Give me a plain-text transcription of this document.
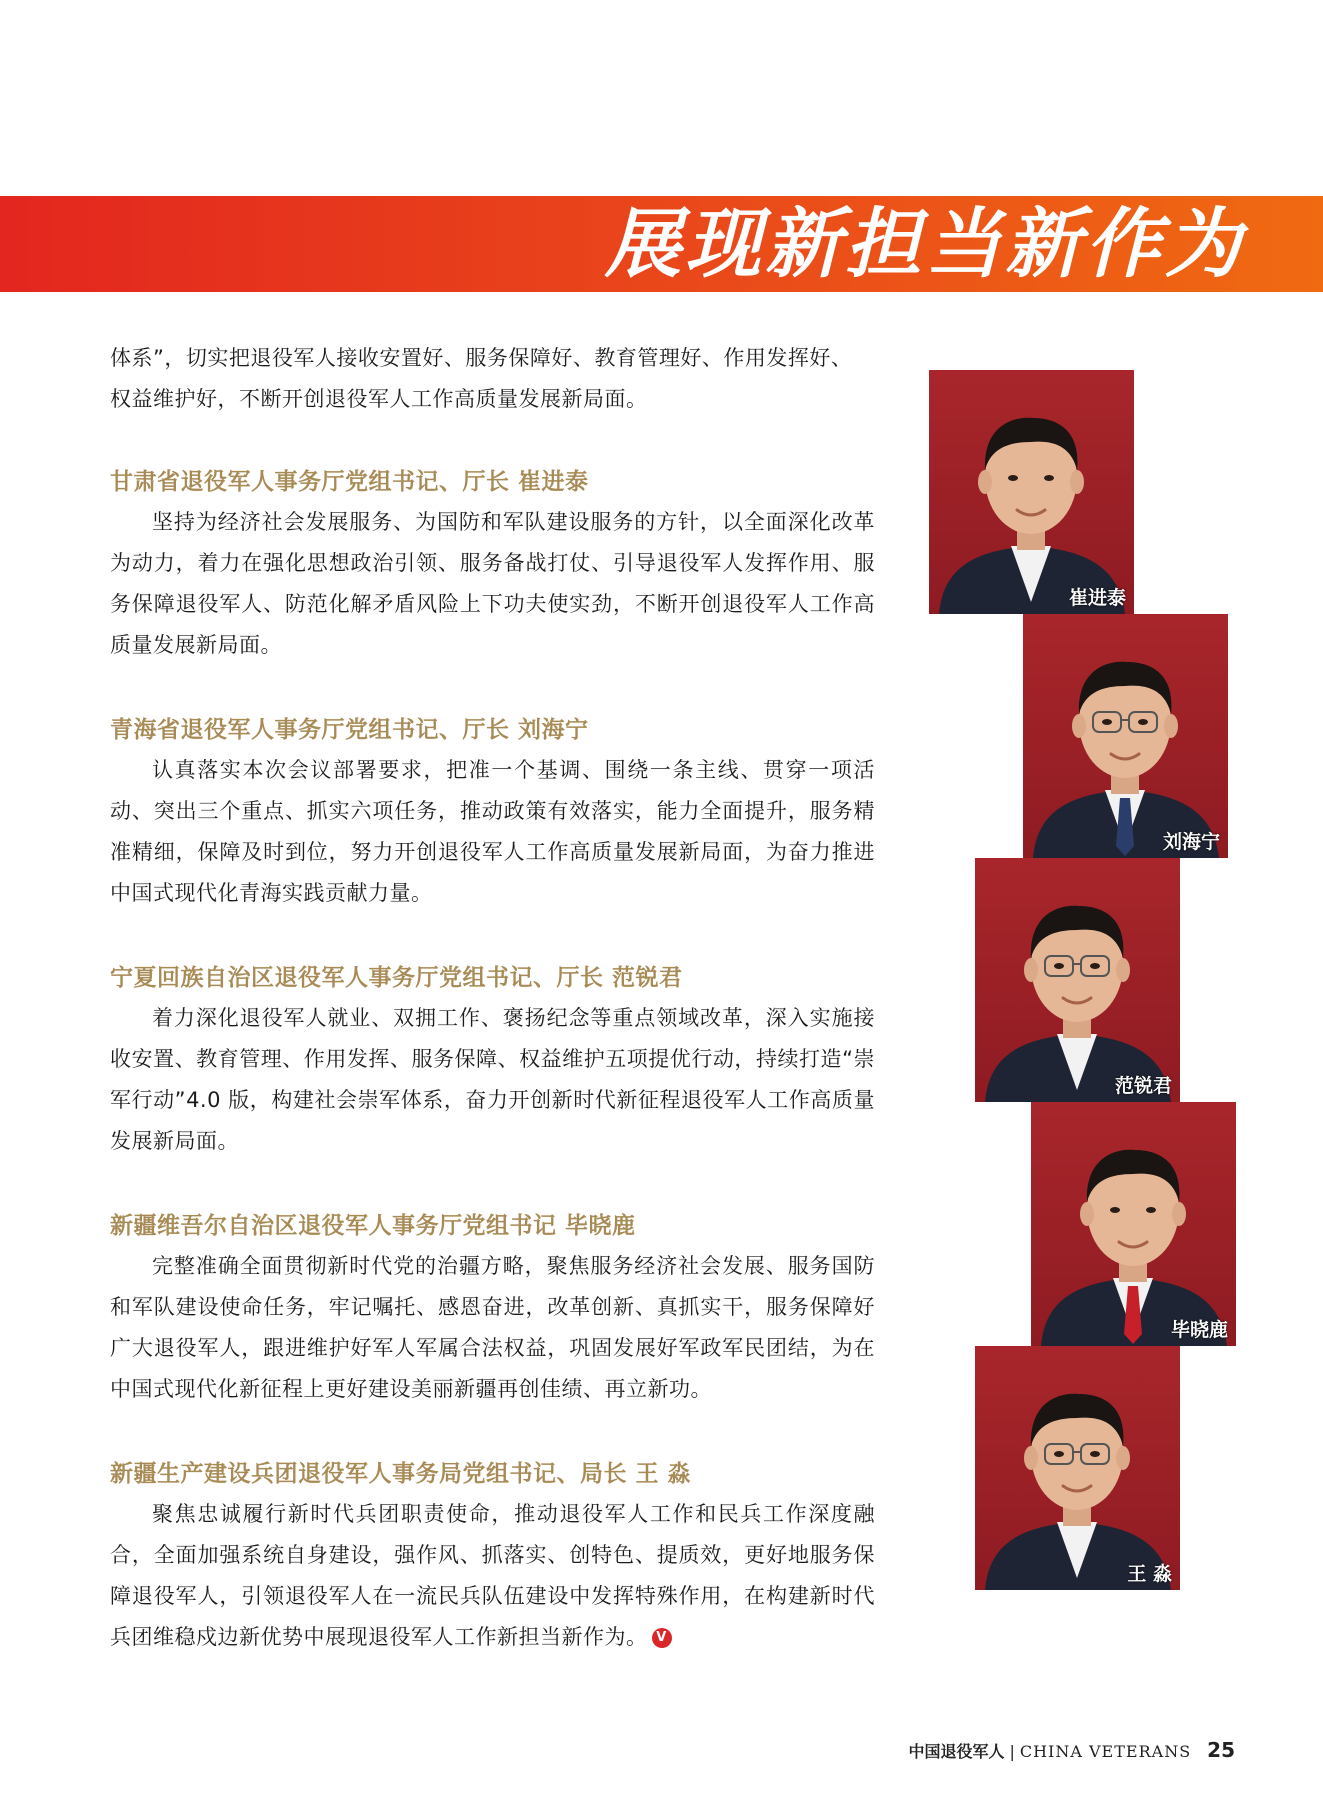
展现新担当新作为

体系”，切实把退役军人接收安置好、服务保障好、教育管理好、作用发挥好、

权益维护好，不断开创退役军人工作高质量发展新局面。

甘肃省退役军人事务厅党组书记、厅长 崔进泰

坚持为经济社会发展服务、为国防和军队建设服务的方针，以全面深化改革为动力，着力在强化思想政治引领、服务备战打仗、引导退役军人发挥作用、服务保障退役军人、防范化解矛盾风险上下功夫使实劲，不断开创退役军人工作高质量发展新局面。

青海省退役军人事务厅党组书记、厅长 刘海宁

认真落实本次会议部署要求，把准一个基调、围绕一条主线、贯穿一项活动、突出三个重点、抓实六项任务，推动政策有效落实，能力全面提升，服务精准精细，保障及时到位，努力开创退役军人工作高质量发展新局面，为奋力推进中国式现代化青海实践贡献力量。

宁夏回族自治区退役军人事务厅党组书记、厅长 范锐君

着力深化退役军人就业、双拥工作、褒扬纪念等重点领域改革，深入实施接收安置、教育管理、作用发挥、服务保障、权益维护五项提优行动，持续打造“崇军行动”4.0 版，构建社会崇军体系，奋力开创新时代新征程退役军人工作高质量发展新局面。

新疆维吾尔自治区退役军人事务厅党组书记 毕晓鹿

完整准确全面贯彻新时代党的治疆方略，聚焦服务经济社会发展、服务国防和军队建设使命任务，牢记嘱托、感恩奋进，改革创新、真抓实干，服务保障好广大退役军人，跟进维护好军人军属合法权益，巩固发展好军政军民团结，为在中国式现代化新征程上更好建设美丽新疆再创佳绩、再立新功。

新疆生产建设兵团退役军人事务局党组书记、局长 王 淼

聚焦忠诚履行新时代兵团职责使命，推动退役军人工作和民兵工作深度融合，全面加强系统自身建设，强作风、抓落实、创特色、提质效，更好地服务保障退役军人，引领退役军人在一流民兵队伍建设中发挥特殊作用，在构建新时代兵团维稳戍边新优势中展现退役军人工作新担当新作为。 V

崔进泰
刘海宁
范锐君
毕晓鹿
王 淼
中国退役军人 | CHINA VETERANS 25
